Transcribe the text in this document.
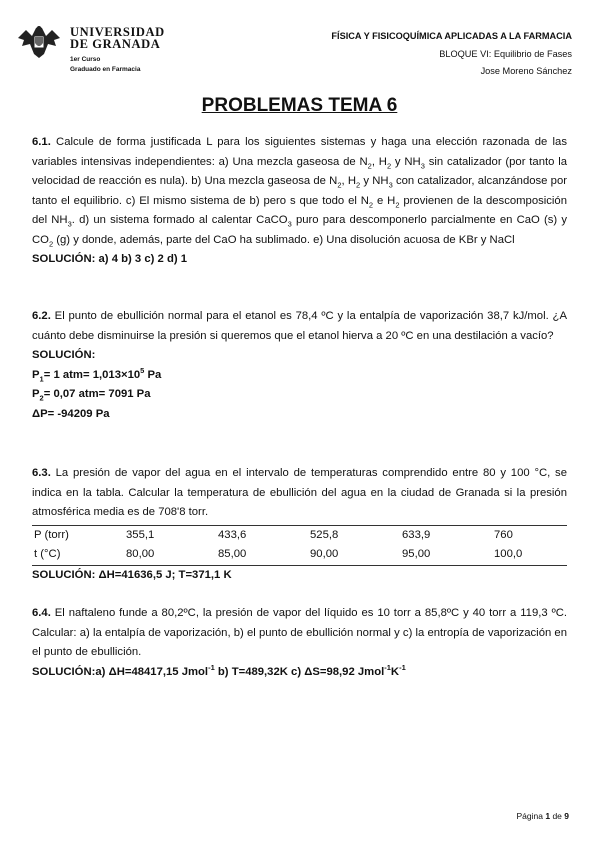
UNIVERSIDAD
DE GRANADA
1er Curso
Graduado en Farmacia
FÍSICA Y FISICOQUÍMICA APLICADAS A LA FARMACIA
BLOQUE VI: Equilibrio de Fases
Jose Moreno Sánchez
PROBLEMAS TEMA 6

6.1. Calcule de forma justificada L para los siguientes sistemas y haga una elección razonada de las variables intensivas independientes: a) Una mezcla gaseosa de $N_2$, $H_2$ y $NH_3$ sin catalizador (por tanto la velocidad de reacción es nula). b) Una mezcla gaseosa de $N_2$, $H_2$ y $NH_3$ con catalizador, alcanzándose por tanto el equilibrio. c) El mismo sistema de b) pero s que todo el $N_2$ e $H_2$ provienen de la descomposición del $NH_3$. d) un sistema formado al calentar CaCO$_3$ puro para descomponerlo parcialmente en CaO (s) y $CO_2$ (g) y donde, además, parte del CaO ha sublimado. e) Una disolución acuosa de KBr y NaCl

SOLUCIÓN: a) 4 b) 3 c) 2 d) 1

6.2. El punto de ebullición normal para el etanol es 78,4 ºC y la entalpía de vaporización 38,7 kJ/mol. ¿A cuánto debe disminuirse la presión si queremos que el etanol hierva a 20 ºC en una destilación a vacío?

SOLUCIÓN:

$P_1= 1$ $atm= 1,013\times 10^5$ Pa

$P_2= 0,07$ atm= 7091 Pa

ΔP= -94209 Pa

6.3. La presión de vapor del agua en el intervalo de temperaturas comprendido entre 80 y 100 °C, se indica en la tabla. Calcular la temperatura de ebullición del agua en la ciudad de Granada si la presión atmosférica media es de 708'8 torr.

P (torr)	355,1	433,6	525,8	633,9	760
t (°C)	80,00	85,00	90,00	95,00	100,0

SOLUCIÓN: ΔH=41636,5 J; T=371,1 K

6.4. El naftaleno funde a 80,2ºC, la presión de vapor del líquido es 10 torr a 85,8ºC y 40 torr a 119,3 ºC. Calcular: a) la entalpía de vaporización, b) el punto de ebullición normal y c) la entropía de vaporización en el punto de ebullición.

SOLUCIÓN:a) ΔH=48417,15 Jmol$^{-1}$ b) T=489,32K c) ΔS=98,92 $Jmol^{-1}K^{-1}$

Página 1 de 9
